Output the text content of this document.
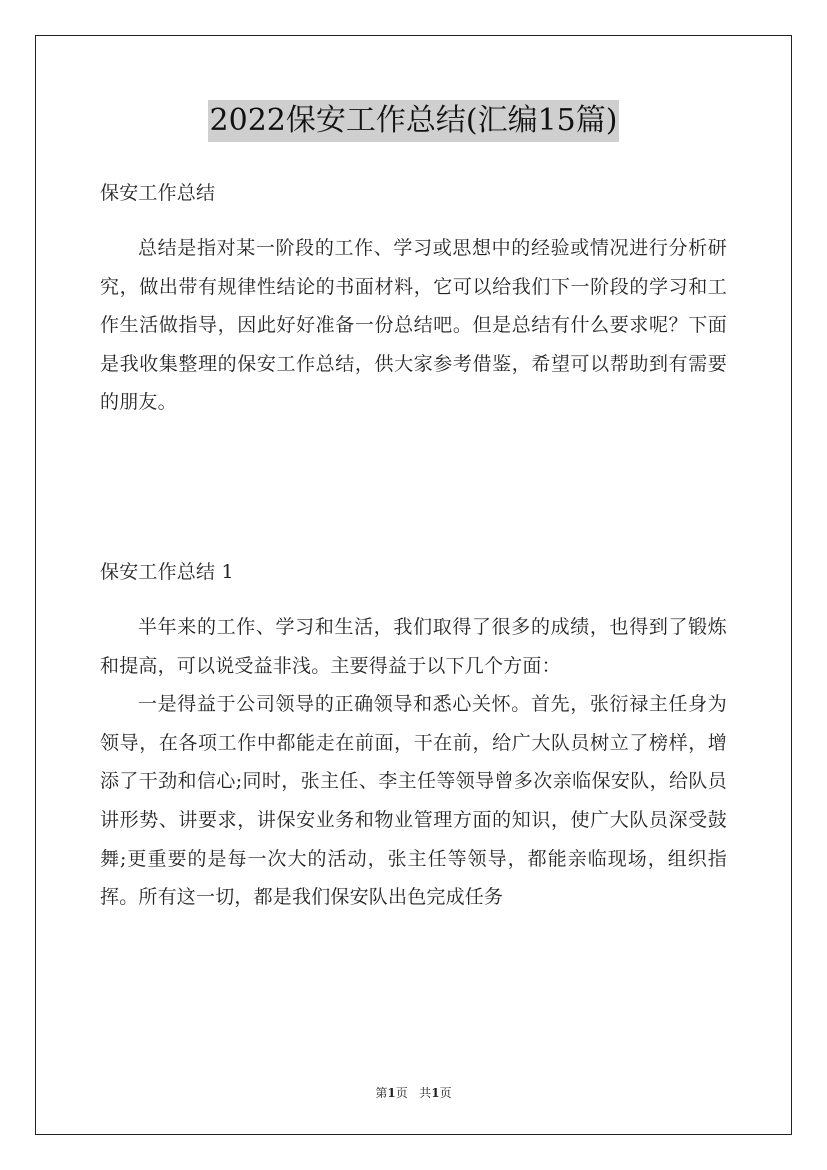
2022保安工作总结(汇编15篇)
保安工作总结

总结是指对某一阶段的工作、学习或思想中的经验或情况进行分析研究，做出带有规律性结论的书面材料，它可以给我们下一阶段的学习和工作生活做指导，因此好好准备一份总结吧。但是总结有什么要求呢？下面是我收集整理的保安工作总结，供大家参考借鉴，希望可以帮助到有需要的朋友。

保安工作总结 1

半年来的工作、学习和生活，我们取得了很多的成绩，也得到了锻炼和提高，可以说受益非浅。主要得益于以下几个方面：

一是得益于公司领导的正确领导和悉心关怀。首先，张衍禄主任身为领导，在各项工作中都能走在前面，干在前，给广大队员树立了榜样，增添了干劲和信心;同时，张主任、李主任等领导曾多次亲临保安队，给队员讲形势、讲要求，讲保安业务和物业管理方面的知识，使广大队员深受鼓舞;更重要的是每一次大的活动，张主任等领导，都能亲临现场，组织指挥。所有这一切，都是我们保安队出色完成任务

第1页 共1页
